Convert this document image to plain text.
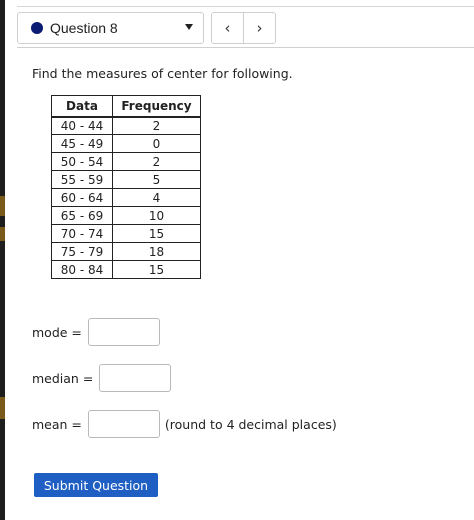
Question 8	‹	›
Find the measures of center for following.
Data	Frequency
40 - 44	2
45 - 49	0
50 - 54	2
55 - 59	5
60 - 64	4
65 - 69	10
70 - 74	15
75 - 79	18
80 - 84	15
mode =
median =
mean =	(round to 4 decimal places)
Submit Question
